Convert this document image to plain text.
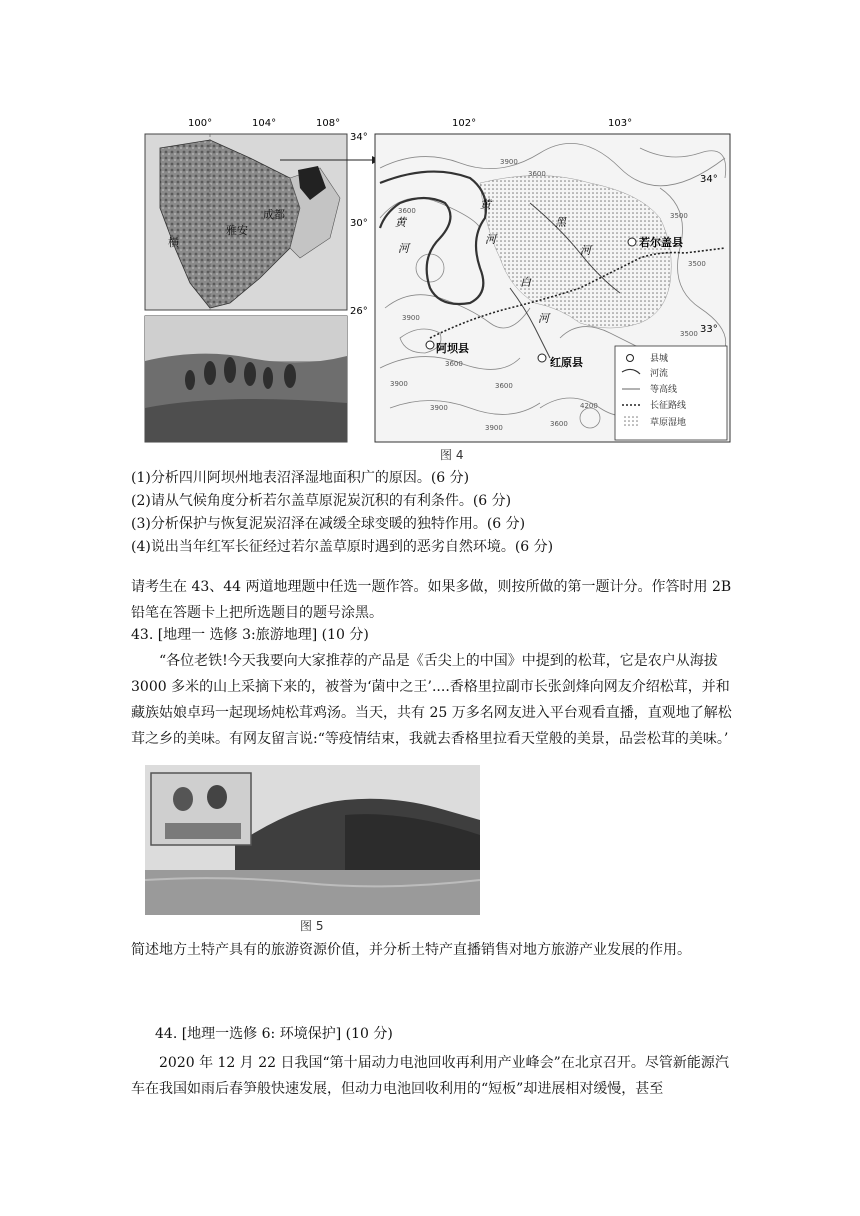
100°	104°	108°
34°
30°
26°
成都
雅安
横
102°	103°
34°
33°
黄
河
黄
河
黑
河
白
河
若尔盖县
阿坝县
红原县
3900
3600
3600
3500
3500
3900
3600
3900	3600
3900	4200
3900	3600
3500
县城
河流
等高线
长征路线
草原湿地
图 4
(1)分析四川阿坝州地表沼泽湿地面积广的原因。(6 分)
(2)请从气候角度分析若尔盖草原泥炭沉积的有利条件。(6 分)
(3)分析保护与恢复泥炭沼泽在减缓全球变暖的独特作用。(6 分)
(4)说出当年红军长征经过若尔盖草原时遇到的恶劣自然环境。(6 分)
请考生在 43、44 两道地理题中任选一题作答。如果多做，则按所做的第一题计分。作答时用 2B 铅笔在答题卡上把所选题目的题号涂黑。
43. [地理一 选修 3:旅游地理] (10 分)
“各位老铁!今天我要向大家推荐的产品是《舌尖上的中国》中提到的松茸，它是农户从海拔 3000 多米的山上采摘下来的，被誉为‘菌中之王’....香格里拉副市长张剑烽向网友介绍松茸，并和藏族姑娘卓玛一起现场炖松茸鸡汤。当天，共有 25 万多名网友进入平台观看直播，直观地了解松茸之乡的美味。有网友留言说:“等疫情结束，我就去香格里拉看天堂般的美景，品尝松茸的美味。’
图 5
简述地方土特产具有的旅游资源价值，并分析土特产直播销售对地方旅游产业发展的作用。
44. [地理一选修 6: 环境保护] (10 分)
2020 年 12 月 22 日我国“第十届动力电池回收再利用产业峰会”在北京召开。尽管新能源汽车在我国如雨后春笋般快速发展，但动力电池回收利用的“短板”却进展相对缓慢，甚至
